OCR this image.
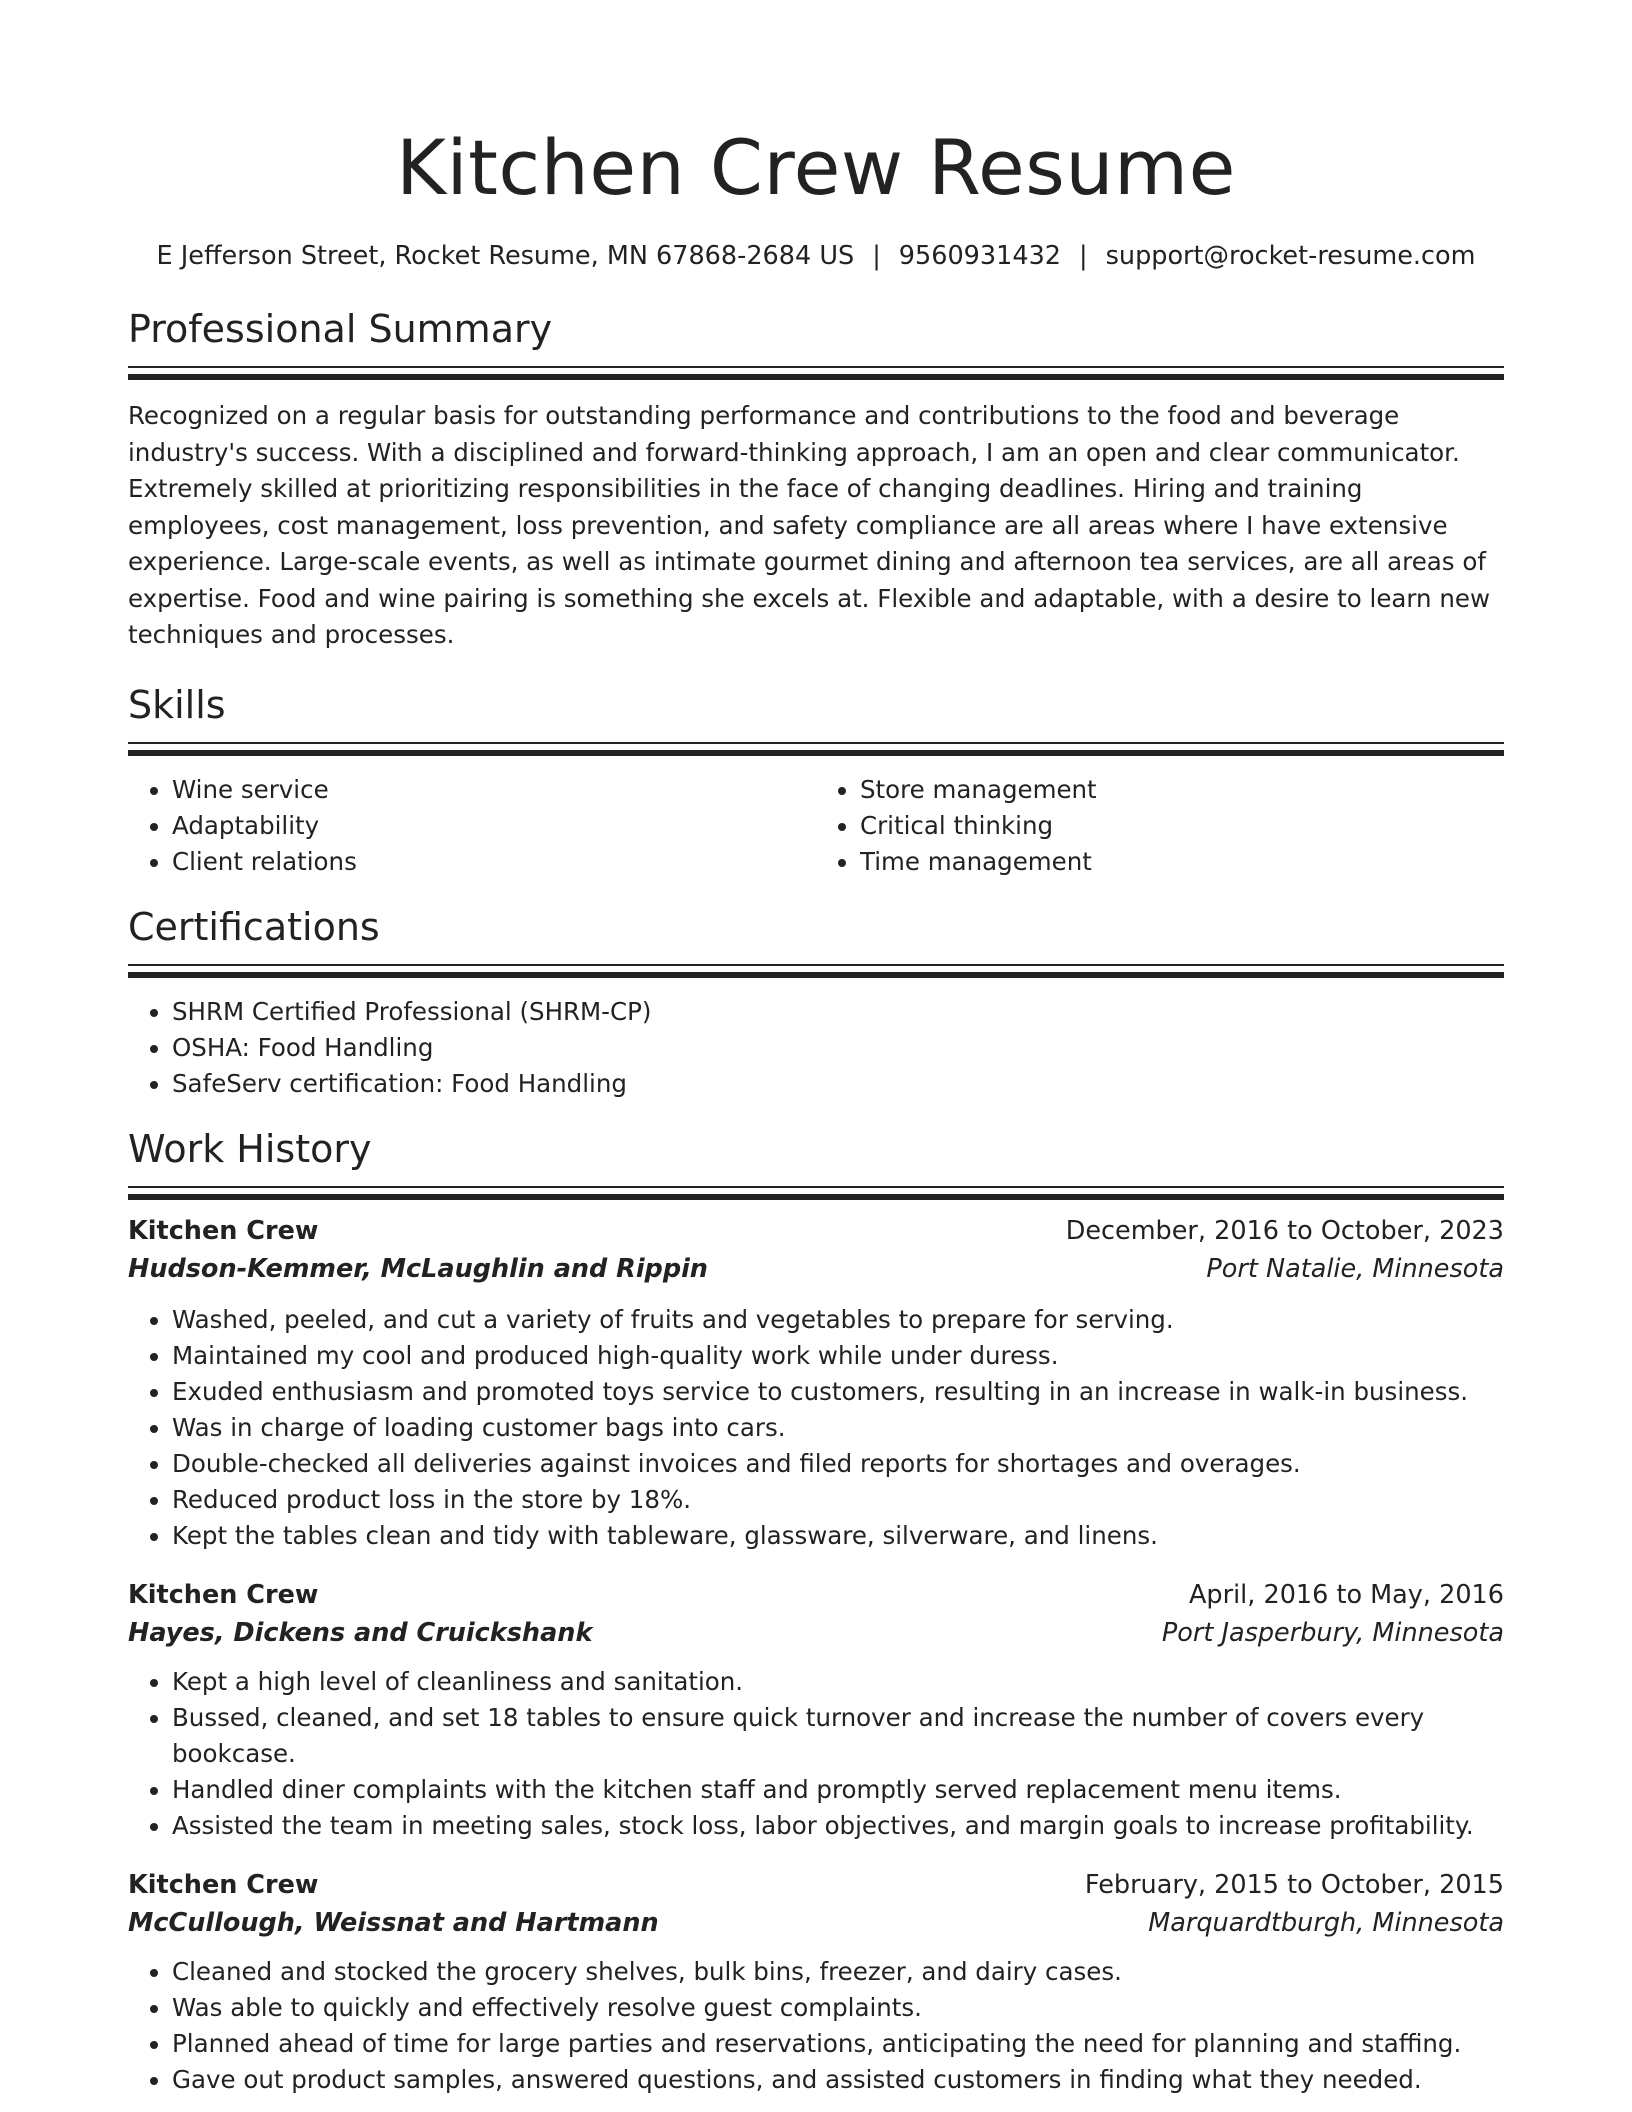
Kitchen Crew Resume
E Jefferson Street, Rocket Resume, MN 67868-2684 US | 9560931432 | support@rocket-resume.com
Professional Summary
Recognized on a regular basis for outstanding performance and contributions to the food and beverage industry's success. With a disciplined and forward-thinking approach, I am an open and clear communicator. Extremely skilled at prioritizing responsibilities in the face of changing deadlines. Hiring and training employees, cost management, loss prevention, and safety compliance are all areas where I have extensive experience. Large-scale events, as well as intimate gourmet dining and afternoon tea services, are all areas of expertise. Food and wine pairing is something she excels at. Flexible and adaptable, with a desire to learn new techniques and processes.
Skills
• Wine service
• Adaptability
• Client relations
• Store management
• Critical thinking
• Time management
Certifications
• SHRM Certified Professional (SHRM-CP)
• OSHA: Food Handling
• SafeServ certification: Food Handling
Work History
Kitchen Crew	December, 2016 to October, 2023
Hudson-Kemmer, McLaughlin and Rippin	Port Natalie, Minnesota
• Washed, peeled, and cut a variety of fruits and vegetables to prepare for serving.
• Maintained my cool and produced high-quality work while under duress.
• Exuded enthusiasm and promoted toys service to customers, resulting in an increase in walk-in business.
• Was in charge of loading customer bags into cars.
• Double-checked all deliveries against invoices and filed reports for shortages and overages.
• Reduced product loss in the store by 18%.
• Kept the tables clean and tidy with tableware, glassware, silverware, and linens.
Kitchen Crew	April, 2016 to May, 2016
Hayes, Dickens and Cruickshank	Port Jasperbury, Minnesota
• Kept a high level of cleanliness and sanitation.
• Bussed, cleaned, and set 18 tables to ensure quick turnover and increase the number of covers every bookcase.
• Handled diner complaints with the kitchen staff and promptly served replacement menu items.
• Assisted the team in meeting sales, stock loss, labor objectives, and margin goals to increase profitability.
Kitchen Crew	February, 2015 to October, 2015
McCullough, Weissnat and Hartmann	Marquardtburgh, Minnesota
• Cleaned and stocked the grocery shelves, bulk bins, freezer, and dairy cases.
• Was able to quickly and effectively resolve guest complaints.
• Planned ahead of time for large parties and reservations, anticipating the need for planning and staffing.
• Gave out product samples, answered questions, and assisted customers in finding what they needed.
